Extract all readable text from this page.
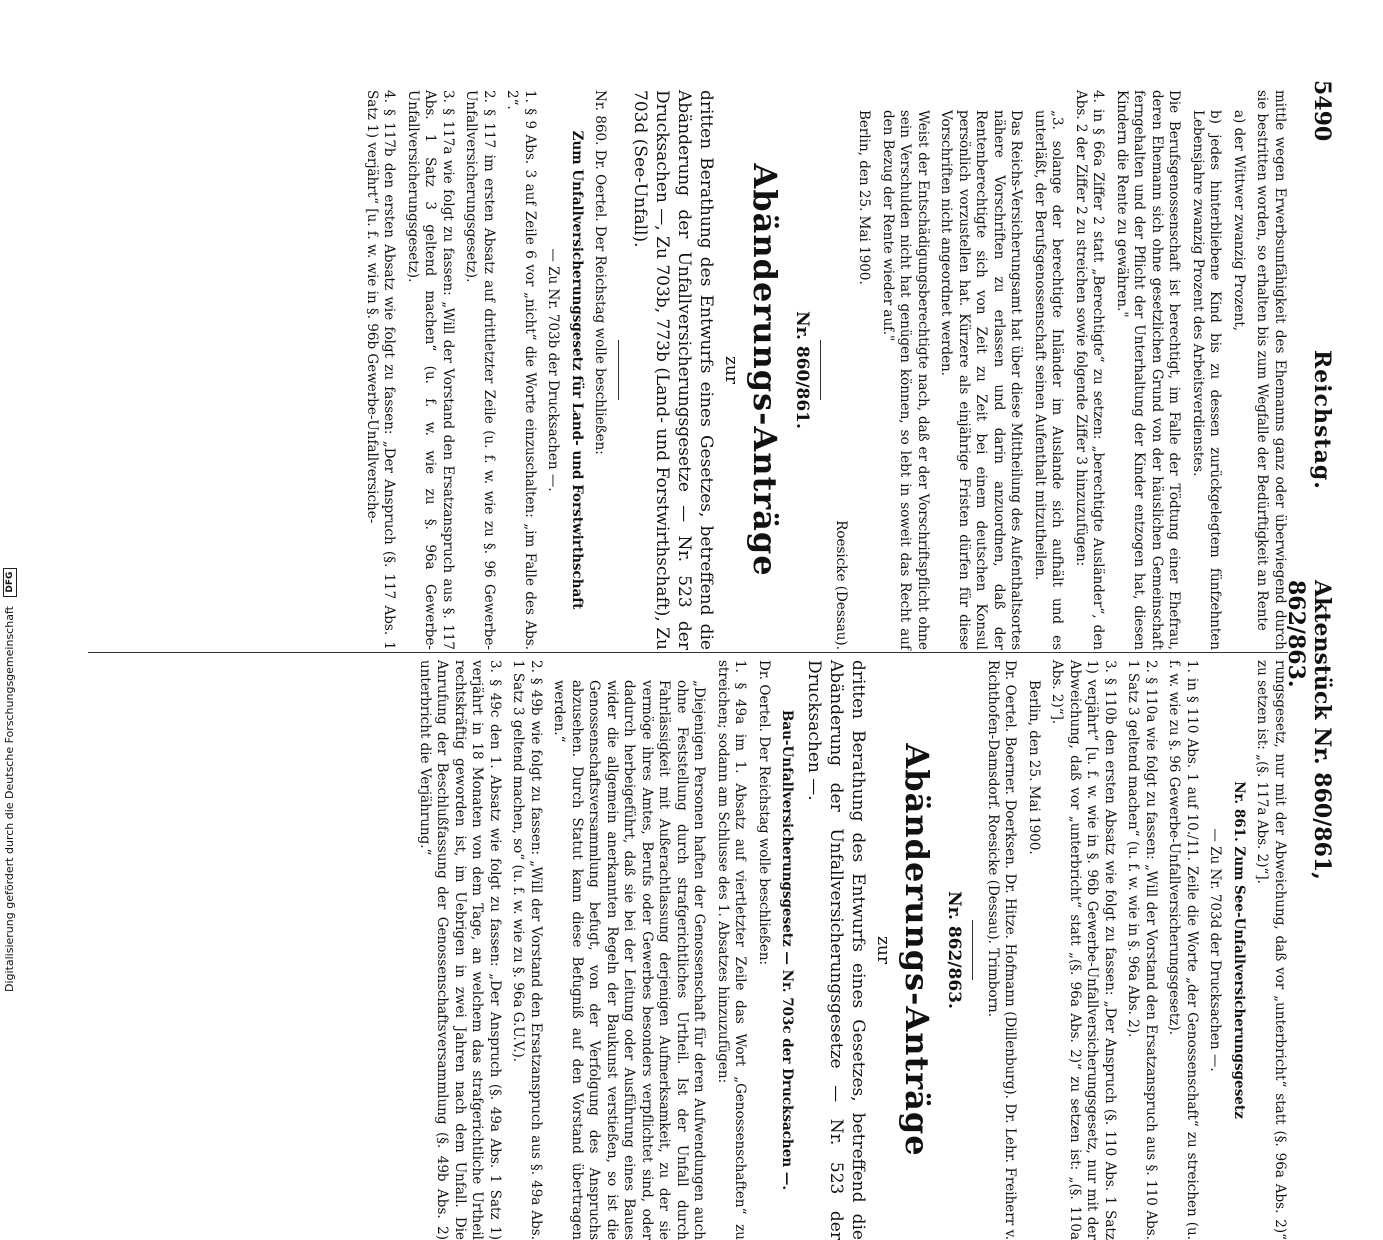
5490
Reichstag.
Aktenstück Nr. 860/861, 862/863.

mittle wegen Erwerbsunfähigkeit des Ehemanns ganz oder überwiegend durch sie bestritten worden, so erhalten bis zum Wegfalle der Bedürftigkeit an Rente

a) der Wittwer zwanzig Prozent,

b) jedes hinterbliebene Kind bis zu dessen zurückgelegtem fünfzehnten Lebensjahre zwanzig Prozent des Arbeitsverdienstes.

Die Berufsgenossenschaft ist berechtigt, im Falle der Tödtung einer Ehefrau, deren Ehemann sich ohne gesetzlichen Grund von der häuslichen Gemeinschaft ferngehalten und der Pflicht der Unterhaltung der Kinder entzogen hat, diesen Kindern die Rente zu gewähren."

4. in § 66a Ziffer 2 statt „Berechtigte“ zu setzen: „berechtigte Ausländer“, den Abs. 2 der Ziffer 2 zu streichen sowie folgende Ziffer 3 hinzuzufügen:

„3. solange der berechtigte Inländer im Auslande sich aufhält und es unterläßt, der Berufsgenossenschaft seinen Aufenthalt mitzutheilen.

Das Reichs-Versicherungsamt hat über diese Mittheilung des Aufenthaltsortes nähere Vorschriften zu erlassen und darin anzuordnen, daß der Rentenberechtigte sich von Zeit zu Zeit bei einem deutschen Konsul persönlich vorzustellen hat. Kürzere als einjährige Fristen dürfen für diese Vorschriften nicht angeordnet werden.

Weist der Entschädigungsberechtigte nach, daß er der Vorschriftspflicht ohne sein Verschulden nicht hat genügen können, so lebt in soweit das Recht auf den Bezug der Rente wieder auf."

Berlin, den 25. Mai 1900.

Roesicke (Dessau).

Nr. 860/861.

Abänderungs-Anträge

zur

dritten Berathung des Entwurfs eines Gesetzes, betreffend die Abänderung der Unfallversicherungsgesetze — Nr. 523 der Drucksachen —, Zu 703b, 773b (Land- und Forstwirthschaft), Zu 703d (See-Unfall).

Nr. 860. Dr. Oertel. Der Reichstag wolle beschließen:

Zum Unfallversicherungsgesetz für Land- und Forstwirthschaft

— Zu Nr. 703b der Drucksachen —.

1. § 9 Abs. 3 auf Zeile 6 vor „nicht“ die Worte einzuschalten: „im Falle des Abs. 2“.

2. § 117 im ersten Absatz auf drittletzter Zeile (u. f. w. wie zu §. 96 Gewerbe-Unfallversicherungsgesetz).

3. § 117a wie folgt zu fassen: „Will der Vorstand den Ersatzanspruch aus §. 117 Abs. 1 Satz 3 geltend machen“ (u. f. w. wie zu §. 96a Gewerbe-Unfallversicherungsgesetz).

4. § 117b den ersten Absatz wie folgt zu fassen: „Der Anspruch (§. 117 Abs. 1 Satz 1) verjährt“ [u. f. w. wie in §. 96b Gewerbe-Unfallversiche-

rungsgesetz, nur mit der Abweichung, daß vor „unterbricht“ statt (§. 96a Abs. 2)“ zu setzen ist: „(§. 117a Abs. 2)“].

Nr. 861. Zum See-Unfallversicherungsgesetz

— Zu Nr. 703d der Drucksachen —.

1. in § 110 Abs. 1 auf 10./11. Zeile die Worte „der Genossenschaft“ zu streichen (u. f. w. wie zu §. 96 Gewerbe-Unfallversicherungsgesetz).

2. § 110a wie folgt zu fassen: „Will der Vorstand den Ersatzanspruch aus §. 110 Abs. 1 Satz 3 geltend machen“ (u. f. w. wie in §. 96a Abs. 2).

3. § 110b den ersten Absatz wie folgt zu fassen: „Der Anspruch (§. 110 Abs. 1 Satz 1) verjährt“ [u. f. w. wie in §. 96b Gewerbe-Unfallversicherungsgesetz, nur mit der Abweichung, daß vor „unterbricht“ statt „(§. 96a Abs. 2)“ zu setzen ist: „(§. 110a Abs. 2)“].

Berlin, den 25. Mai 1900.

Dr. Oertel. Boerner. Doerksen. Dr. Hitze. Hofmann (Dillenburg). Dr. Lehr. Freiherr v. Richthofen-Damsdorf. Roesicke (Dessau). Trimborn.

Nr. 862/863.

Abänderungs-Anträge

zur

dritten Berathung des Entwurfs eines Gesetzes, betreffend die Abänderung der Unfallversicherungsgesetze — Nr. 523 der Drucksachen —.

Bau-Unfallversicherungsgesetz — Nr. 703c der Drucksachen —.

Dr. Oertel. Der Reichstag wolle beschließen:

1. § 49a im 1. Absatz auf viertletzter Zeile das Wort „Genossenschaften“ zu streichen; sodann am Schlusse des 1. Absatzes hinzuzufügen:

„Diejenigen Personen haften der Genossenschaft für deren Aufwendungen auch ohne Feststellung durch strafgerichtliches Urtheil. Ist der Unfall durch Fahrlässigkeit mit Außerachtlassung derjenigen Aufmerksamkeit, zu der sie vermöge ihres Amtes, Berufs oder Gewerbes besonders verpflichtet sind, oder dadurch herbeigeführt, daß sie bei der Leitung oder Ausführung eines Baues wider die allgemein anerkannten Regeln der Baukunst verstießen, so ist die Genossenschaftsversammlung befugt, von der Verfolgung des Anspruchs abzusehen. Durch Statut kann diese Befugniß auf den Vorstand übertragen werden.“

2. § 49b wie folgt zu fassen: „Will der Vorstand den Ersatzanspruch aus §. 49a Abs. 1 Satz 3 geltend machen, so“ (u. f. w. wie zu §. 96a G.U.V.).

3. § 49c den 1. Absatz wie folgt zu fassen: „Der Anspruch (§. 49a Abs. 1 Satz 1) verjährt in 18 Monaten von dem Tage, an welchem das strafgerichtliche Urtheil rechtskräftig geworden ist, im Uebrigen in zwei Jahren nach dem Unfall. Die Anrufung der Beschlußfassung der Genossenschaftsversammlung (§. 49b Abs. 2) unterbricht die Verjährung.“

Digitalisierung gefördert durch die Deutsche Forschungsgemeinschaft DFG
